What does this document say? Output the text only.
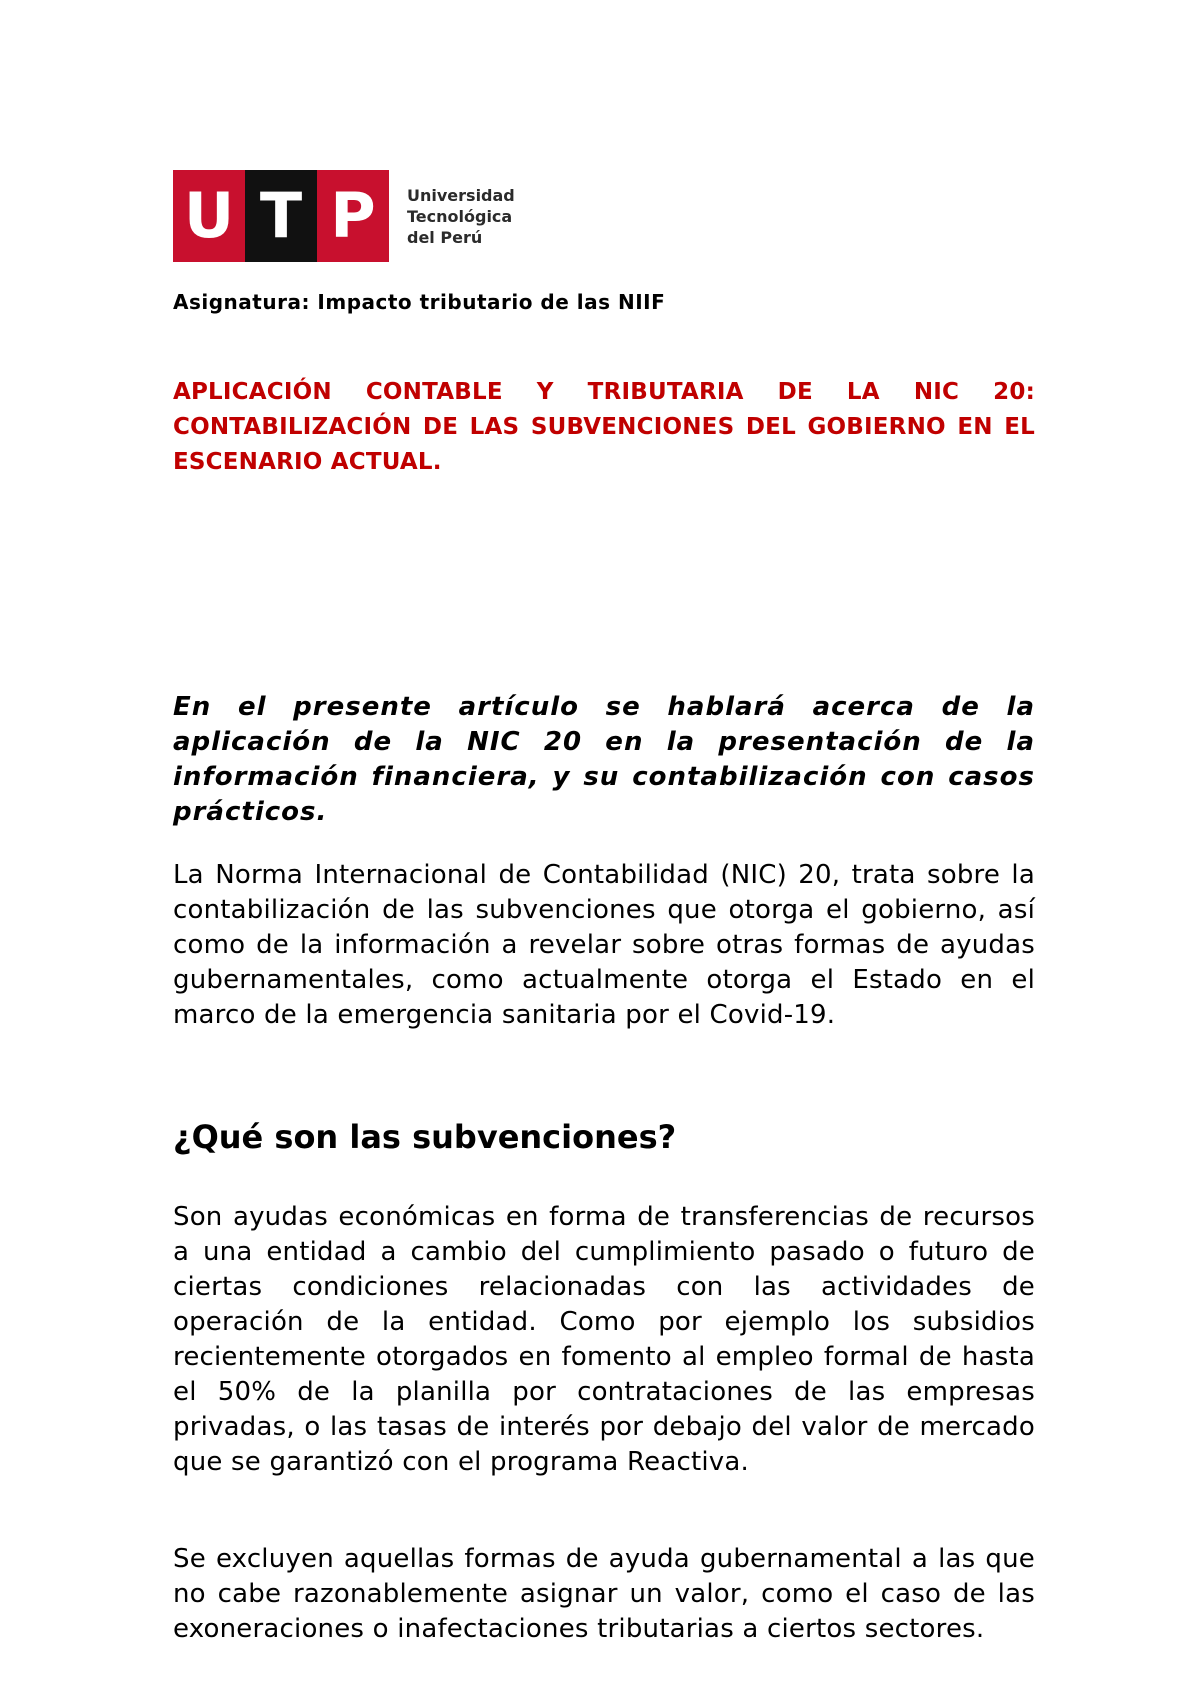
U T P	Universidad
Tecnológica
del Perú
Asignatura: Impacto tributario de las NIIF
APLICACIÓN CONTABLE Y TRIBUTARIA DE LA NIC 20: CONTABILIZACIÓN DE LAS SUBVENCIONES DEL GOBIERNO EN EL ESCENARIO ACTUAL.
En el presente artículo se hablará acerca de la aplicación de la NIC 20 en la presentación de la información financiera, y su contabilización con casos prácticos.
La Norma Internacional de Contabilidad (NIC) 20, trata sobre la contabilización de las subvenciones que otorga el gobierno, así como de la información a revelar sobre otras formas de ayudas gubernamentales, como actualmente otorga el Estado en el marco de la emergencia sanitaria por el Covid-19.
¿Qué son las subvenciones?
Son ayudas económicas en forma de transferencias de recursos a una entidad a cambio del cumplimiento pasado o futuro de ciertas condiciones relacionadas con las actividades de operación de la entidad. Como por ejemplo los subsidios recientemente otorgados en fomento al empleo formal de hasta el 50% de la planilla por contrataciones de las empresas privadas, o las tasas de interés por debajo del valor de mercado que se garantizó con el programa Reactiva.
Se excluyen aquellas formas de ayuda gubernamental a las que no cabe razonablemente asignar un valor, como el caso de las exoneraciones o inafectaciones tributarias a ciertos sectores.
